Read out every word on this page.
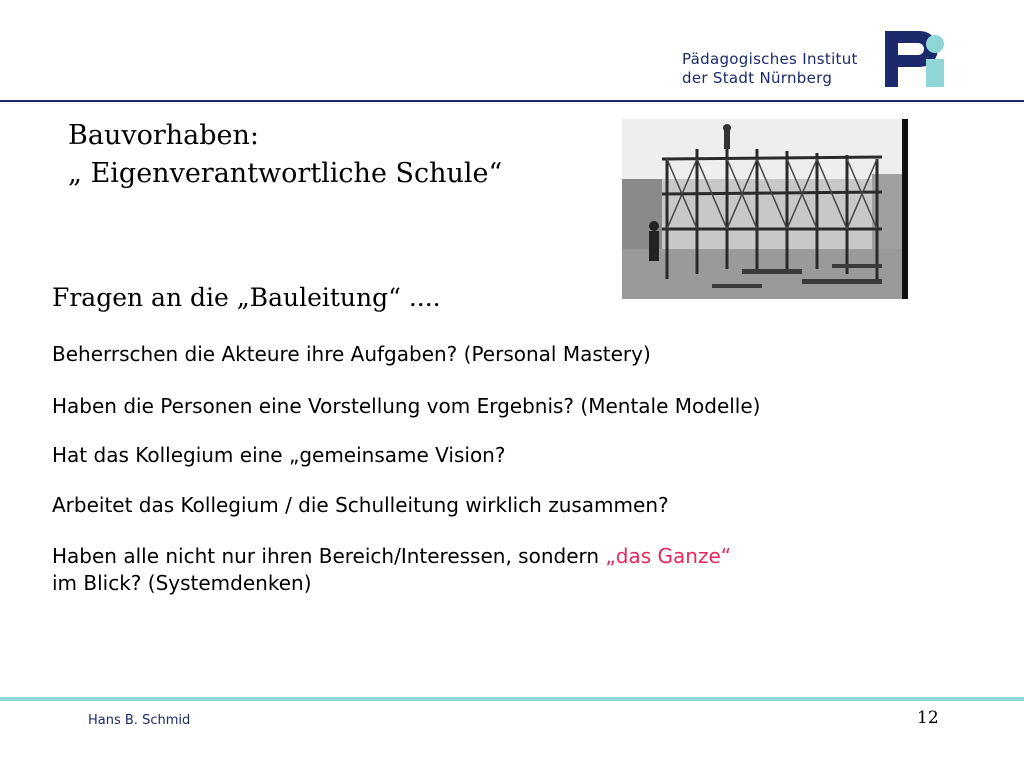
Pädagogisches Institut
der Stadt Nürnberg
Bauvorhaben:
„ Eigenverantwortliche Schule“
Fragen an die „Bauleitung“ ....
Beherrschen die Akteure ihre Aufgaben? (Personal Mastery)
Haben die Personen eine Vorstellung vom Ergebnis? (Mentale Modelle)
Hat das Kollegium eine „gemeinsame Vision?
Arbeitet das Kollegium / die Schulleitung wirklich zusammen?
Haben alle nicht nur ihren Bereich/Interessen, sondern „das Ganze“
im Blick? (Systemdenken)
Hans B. Schmid	12
